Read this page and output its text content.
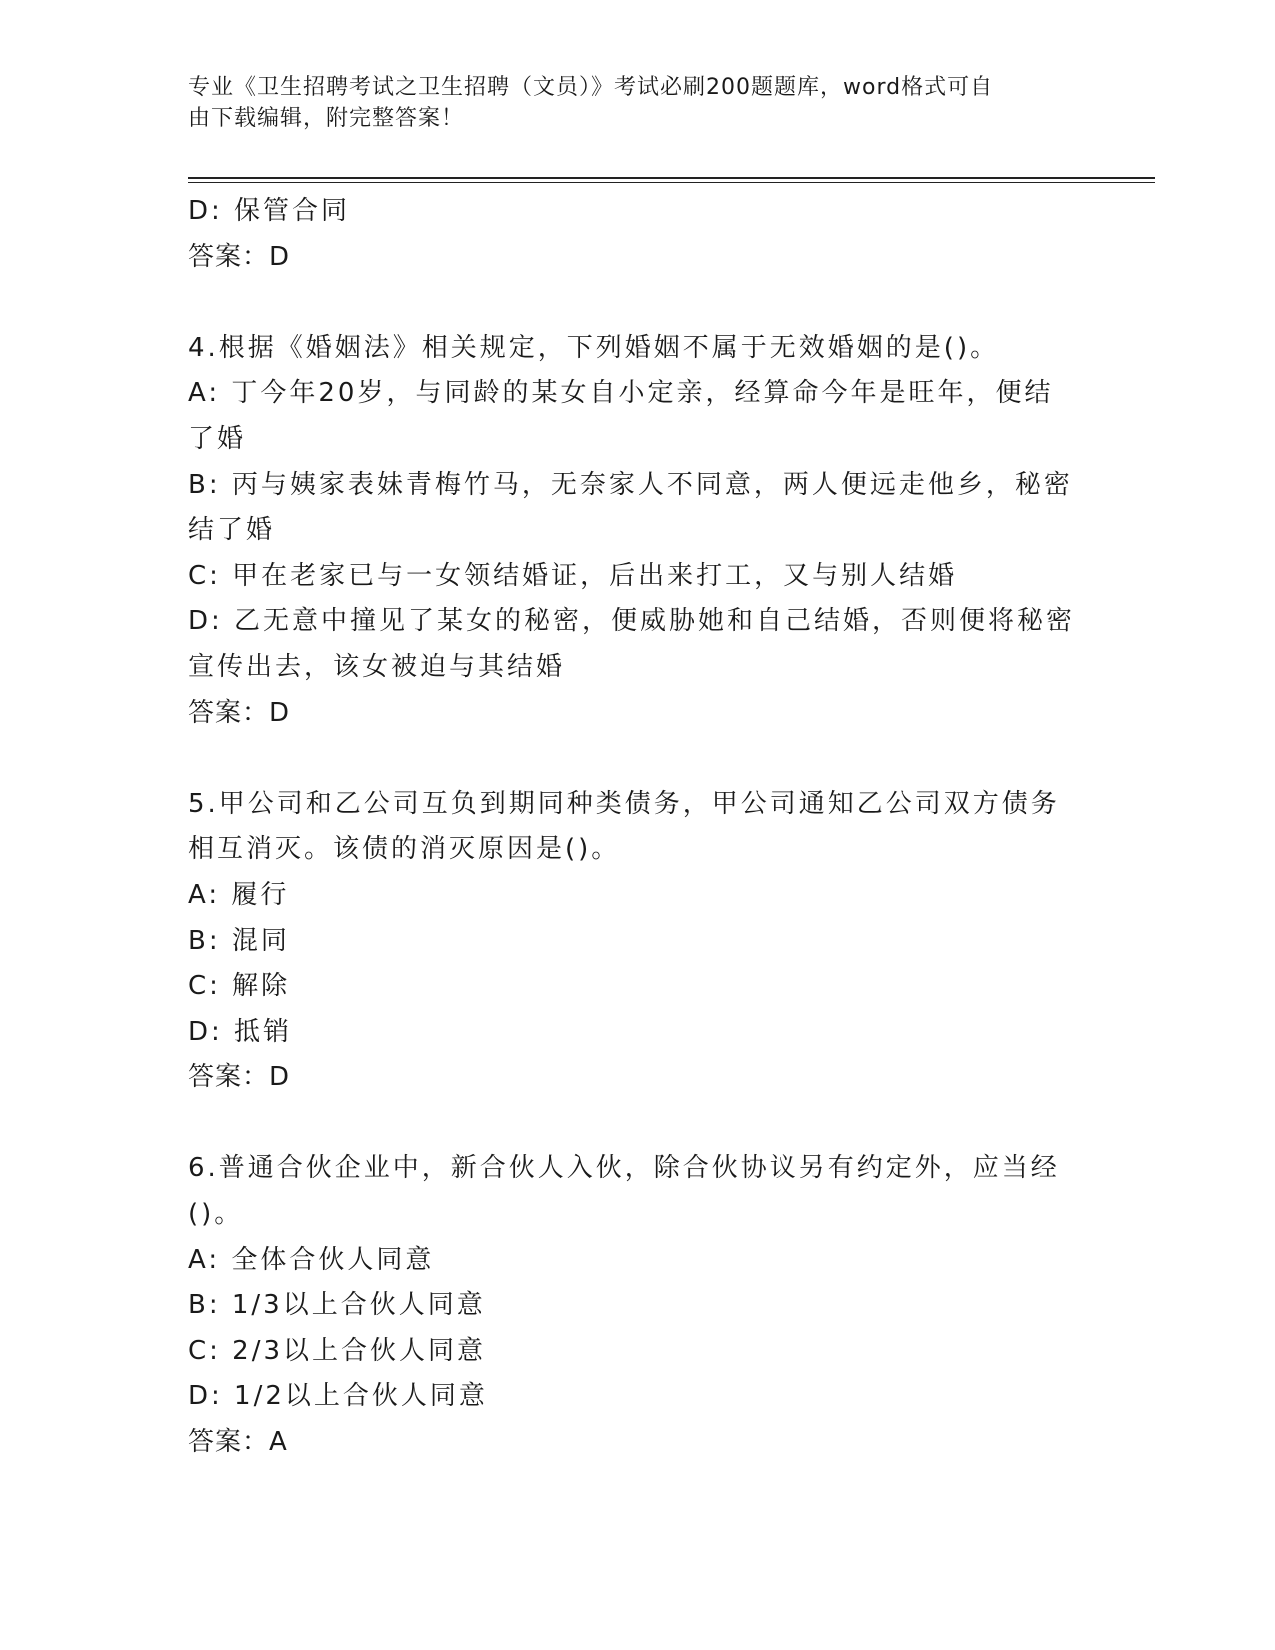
专业《卫生招聘考试之卫生招聘（文员）》考试必刷200题题库，word格式可自
由下载编辑，附完整答案！
D: 保管合同
答案：D
4.根据《婚姻法》相关规定，下列婚姻不属于无效婚姻的是()。
A: 丁今年20岁，与同龄的某女自小定亲，经算命今年是旺年，便结
了婚
B: 丙与姨家表妹青梅竹马，无奈家人不同意，两人便远走他乡，秘密
结了婚
C: 甲在老家已与一女领结婚证，后出来打工，又与别人结婚
D: 乙无意中撞见了某女的秘密，便威胁她和自己结婚，否则便将秘密
宣传出去，该女被迫与其结婚
答案：D
5.甲公司和乙公司互负到期同种类债务，甲公司通知乙公司双方债务
相互消灭。该债的消灭原因是()。
A: 履行
B: 混同
C: 解除
D: 抵销
答案：D
6.普通合伙企业中，新合伙人入伙，除合伙协议另有约定外，应当经
()。
A: 全体合伙人同意
B: 1/3以上合伙人同意
C: 2/3以上合伙人同意
D: 1/2以上合伙人同意
答案：A
